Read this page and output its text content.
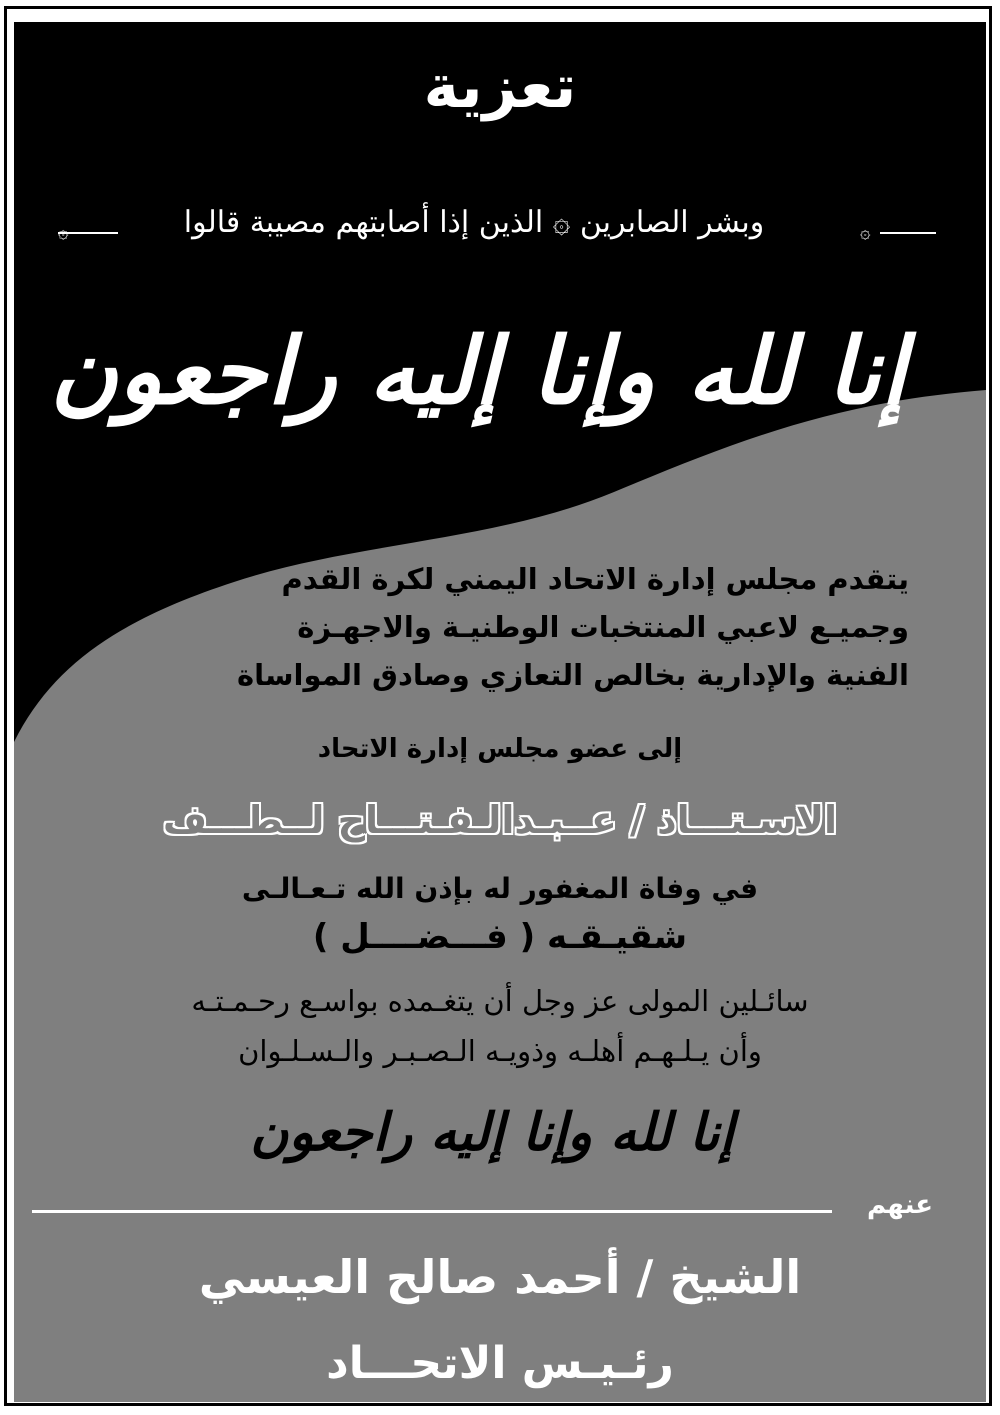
تعزية
۞	۞
وبشر الصابرين ۞ الذين إذا أصابتهم مصيبة قالوا
إنا لله وإنا إليه راجعون
يتقدم مجلس إدارة الاتحاد اليمني لكرة القدم
وجميـع لاعبي المنتخبات الوطنيـة والاجهـزة
الفنية والإدارية بخالص التعازي وصادق المواساة
إلى عضو مجلس إدارة الاتحاد
الاسـتـــاذ / عــبـدالـفـتـــاح لــطـــف
في وفاة المغفور له بإذن الله تـعـالـى
شقيـقـه ( فـــضــــل )
سائـلين المولى عز وجل أن يتغـمده بواسـع رحـمـتـه
وأن يـلـهـم أهلـه وذويـه الـصـبـر والـسـلـوان
إنا لله وإنا إليه راجعون
عنهم
الشيخ / أحمد صالح العيسي
رئـيـس الاتحـــاد
